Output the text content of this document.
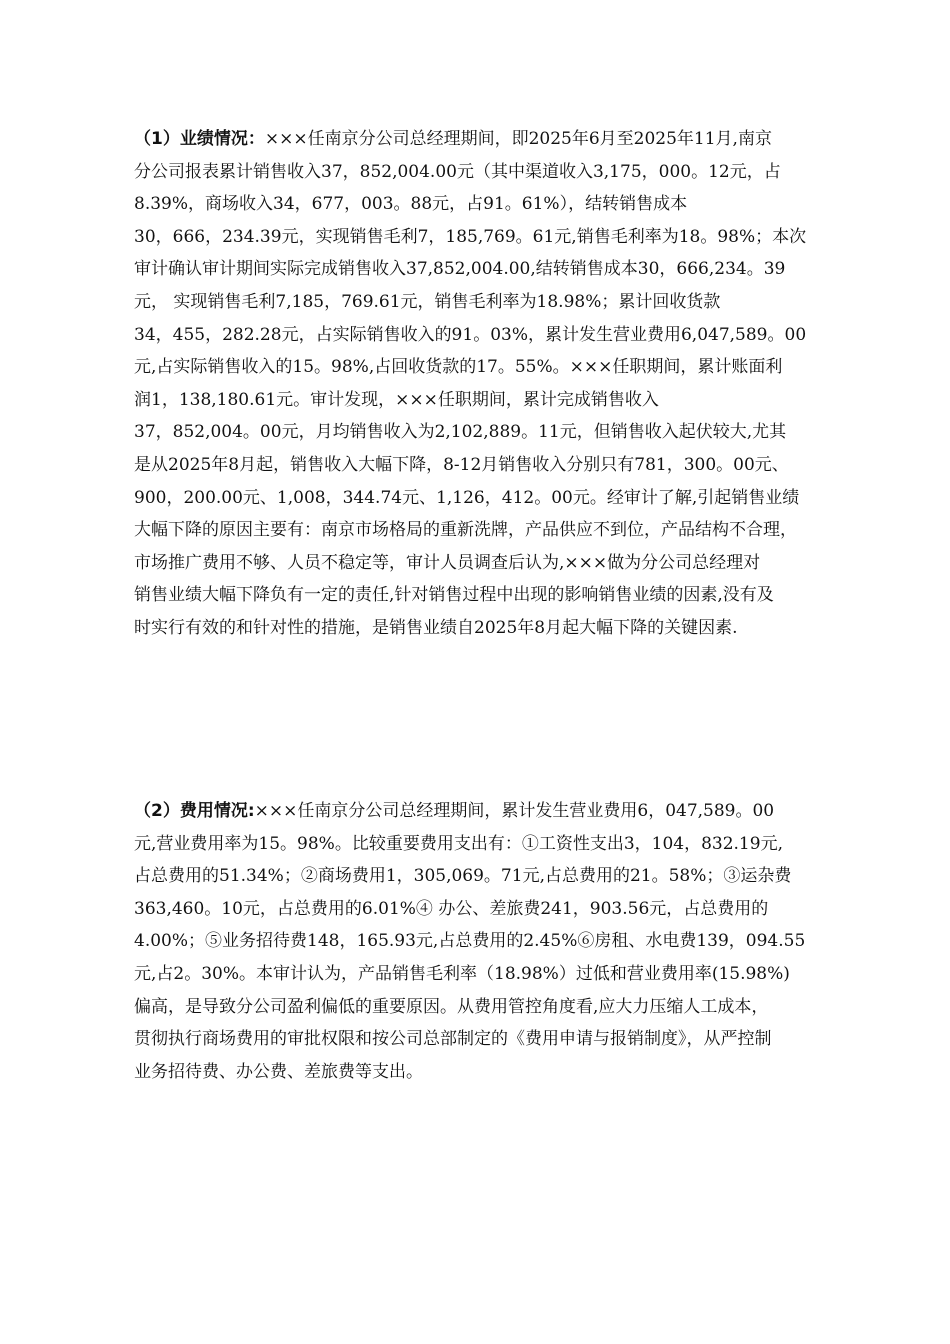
（1）业绩情况：×××任南京分公司总经理期间，即2025年6月至2025年11月,南京
分公司报表累计销售收入37，852,004.00元（其中渠道收入3,175，000。12元，占
8.39%，商场收入34，677，003。88元，占91。61%），结转销售成本
30，666，234.39元，实现销售毛利7，185,769。61元,销售毛利率为18。98%；本次
审计确认审计期间实际完成销售收入37,852,004.00,结转销售成本30，666,234。39
元， 实现销售毛利7,185，769.61元，销售毛利率为18.98%；累计回收货款
34，455，282.28元，占实际销售收入的91。03%，累计发生营业费用6,047,589。00
元,占实际销售收入的15。98%,占回收货款的17。55%。×××任职期间，累计账面利
润1，138,180.61元。审计发现，×××任职期间，累计完成销售收入
37，852,004。00元，月均销售收入为2,102,889。11元，但销售收入起伏较大,尤其
是从2025年8月起，销售收入大幅下降，8-12月销售收入分别只有781，300。00元、
900，200.00元、1,008，344.74元、1,126，412。00元。经审计了解,引起销售业绩
大幅下降的原因主要有：南京市场格局的重新洗牌，产品供应不到位，产品结构不合理，
市场推广费用不够、人员不稳定等，审计人员调查后认为,×××做为分公司总经理对
销售业绩大幅下降负有一定的责任,针对销售过程中出现的影响销售业绩的因素,没有及
时实行有效的和针对性的措施，是销售业绩自2025年8月起大幅下降的关键因素.
（2）费用情况:×××任南京分公司总经理期间，累计发生营业费用6，047,589。00
元,营业费用率为15。98%。比较重要费用支出有：①工资性支出3，104，832.19元,
占总费用的51.34%；②商场费用1，305,069。71元,占总费用的21。58%；③运杂费
363,460。10元，占总费用的6.01%④ 办公、差旅费241，903.56元，占总费用的
4.00%；⑤业务招待费148，165.93元,占总费用的2.45%⑥房租、水电费139，094.55
元,占2。30%。本审计认为，产品销售毛利率（18.98%）过低和营业费用率(15.98%)
偏高，是导致分公司盈利偏低的重要原因。从费用管控角度看,应大力压缩人工成本，
贯彻执行商场费用的审批权限和按公司总部制定的《费用申请与报销制度》，从严控制
业务招待费、办公费、差旅费等支出。
